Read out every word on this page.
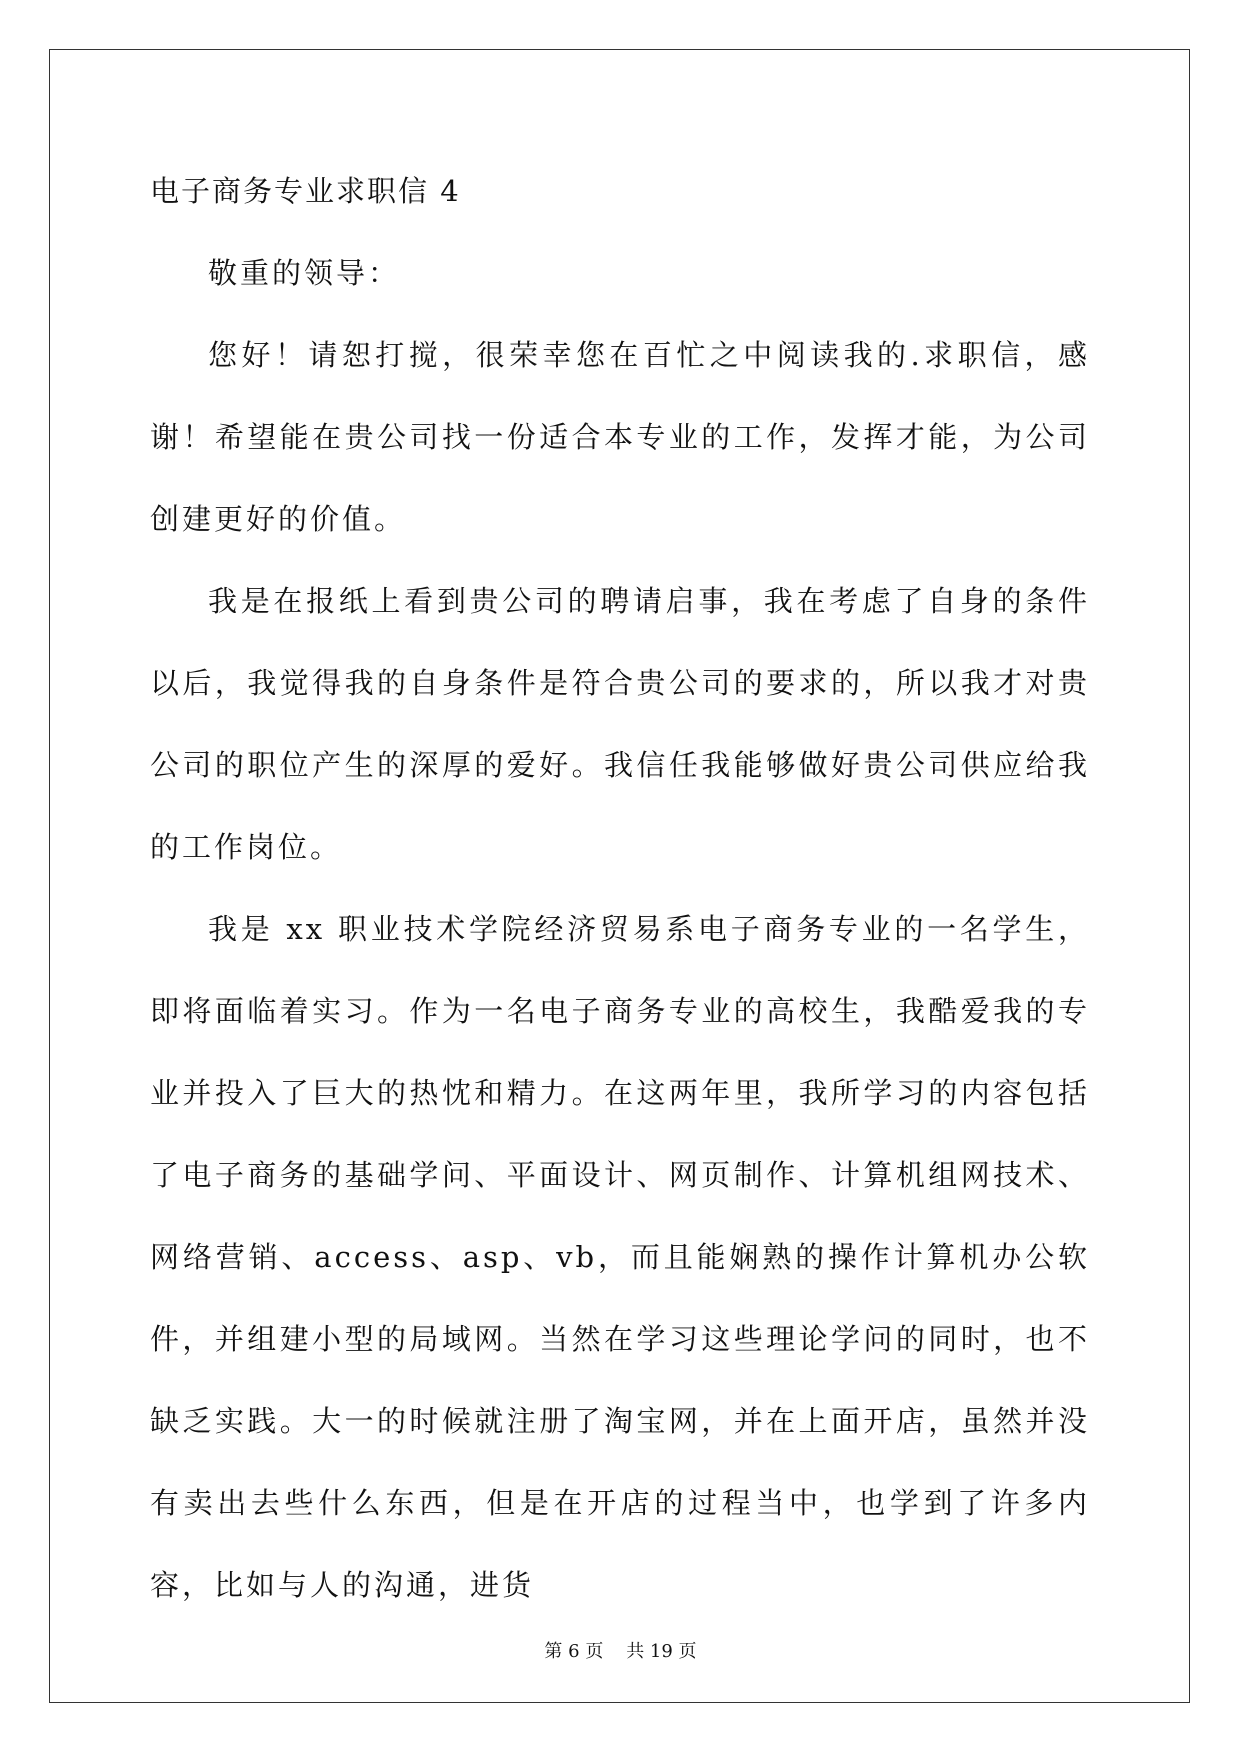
电子商务专业求职信 4

敬重的领导：

您好！请恕打搅，很荣幸您在百忙之中阅读我的.求职信，感谢！希望能在贵公司找一份适合本专业的工作，发挥才能，为公司创建更好的价值。

我是在报纸上看到贵公司的聘请启事，我在考虑了自身的条件以后，我觉得我的自身条件是符合贵公司的要求的，所以我才对贵公司的职位产生的深厚的爱好。我信任我能够做好贵公司供应给我的工作岗位。

我是 xx 职业技术学院经济贸易系电子商务专业的一名学生，即将面临着实习。作为一名电子商务专业的高校生，我酷爱我的专业并投入了巨大的热忱和精力。在这两年里，我所学习的内容包括了电子商务的基础学问、平面设计、网页制作、计算机组网技术、网络营销、access、asp、vb，而且能娴熟的操作计算机办公软件，并组建小型的局域网。当然在学习这些理论学问的同时，也不缺乏实践。大一的时候就注册了淘宝网，并在上面开店，虽然并没有卖出去些什么东西，但是在开店的过程当中，也学到了许多内容，比如与人的沟通，进货

第 6 页    共 19 页
